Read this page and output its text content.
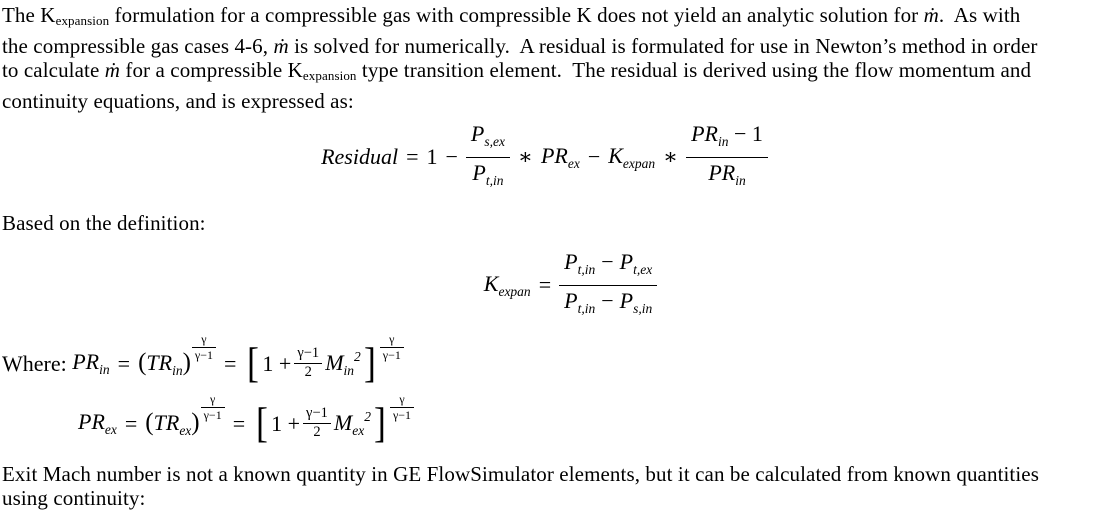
The Kexpansion formulation for a compressible gas with compressible K does not yield an analytic solution for ṁ.  As with
the compressible gas cases 4-6, ṁ is solved for numerically.  A residual is formulated for use in Newton’s method in order
to calculate ṁ for a compressible Kexpansion type transition element.  The residual is derived using the flow momentum and
continuity equations, and is expressed as:
Residual = $1 - \frac{P_{s,ex}}{P_{t,in}}$ ∗ $PR_{ex} - K_{expan}$ ∗ $\frac{PR_{in} - 1}{PR_{in}}$
Based on the definition:
$K_{expan} = \frac{P_{t,in} - P_{t,ex}}{P_{t,in} - P_{s,in}}$
Where: $PR_{in} = (TR_{in}) \frac{\gamma}{\gamma-1}$
= [ $1 + \frac{\gamma-1}{2} M_{in}^2$ ] $\frac{\gamma}{\gamma-1}$
$PR_{ex} = (TR_{ex}) \frac{\gamma}{\gamma-1}$
= [ $1 + \frac{\gamma-1}{2} M_{ex}^2$ ] $\frac{\gamma}{\gamma-1}$
Exit Mach number is not a known quantity in GE FlowSimulator elements, but it can be calculated from known quantities
using continuity:
